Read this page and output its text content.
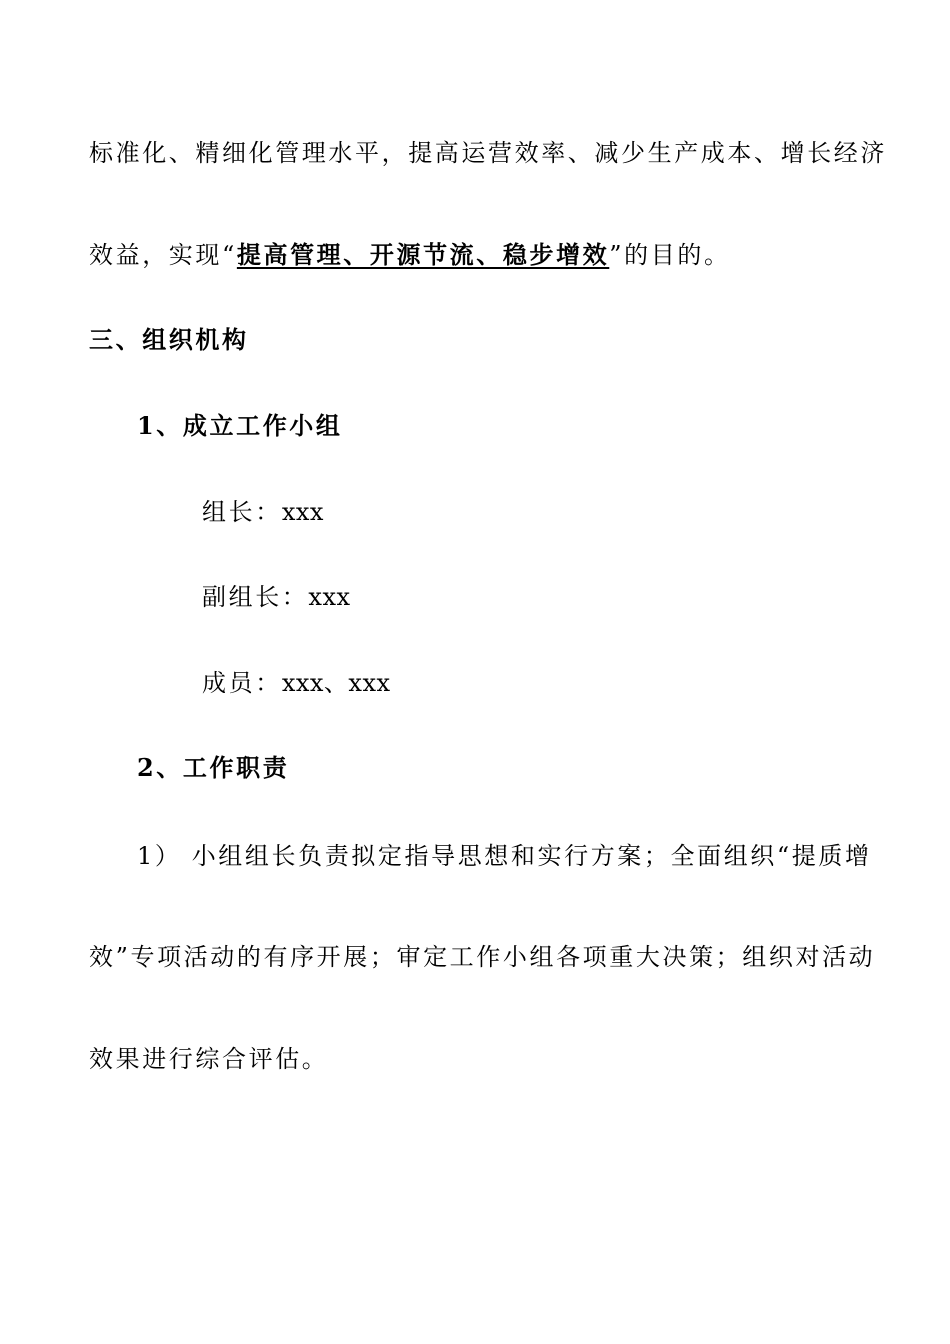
标准化、精细化管理水平，提高运营效率、减少生产成本、增长经济
效益，实现“提高管理、开源节流、稳步增效”的目的。
三、组织机构
1、成立工作小组
组长：xxx
副组长：xxx
成员：xxx、xxx
2、工作职责
1） 小组组长负责拟定指导思想和实行方案；全面组织“提质增
效”专项活动的有序开展；审定工作小组各项重大决策；组织对活动
效果进行综合评估。
